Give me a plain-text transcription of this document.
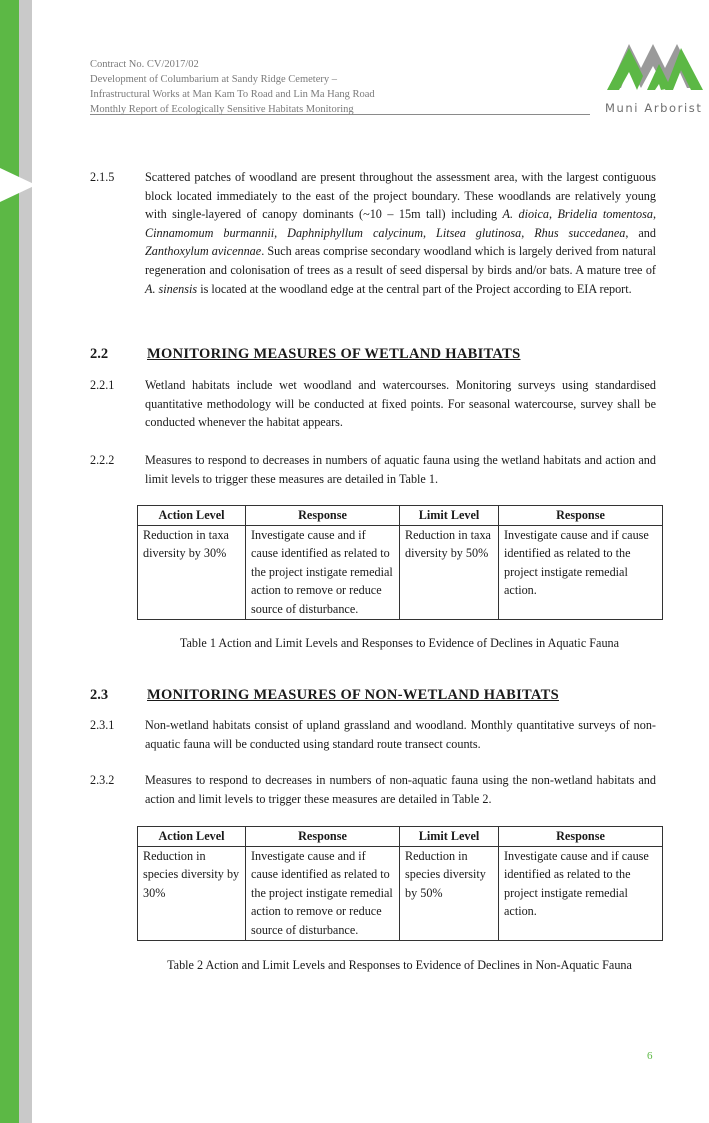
Contract No. CV/2017/02
Development of Columbarium at Sandy Ridge Cemetery –
Infrastructural Works at Man Kam To Road and Lin Ma Hang Road
Monthly Report of Ecologically Sensitive Habitats Monitoring	Muni Arborist
2.1.5	Scattered patches of woodland are present throughout the assessment area, with the largest contiguous block located immediately to the east of the project boundary. These woodlands are relatively young with single-layered of canopy dominants (~10 – 15m tall) including A. dioica, Bridelia tomentosa, Cinnamomum burmannii, Daphniphyllum calycinum, Litsea glutinosa, Rhus succedanea, and Zanthoxylum avicennae. Such areas comprise secondary woodland which is largely derived from natural regeneration and colonisation of trees as a result of seed dispersal by birds and/or bats. A mature tree of A. sinensis is located at the woodland edge at the central part of the Project according to EIA report.
2.2	MONITORING MEASURES OF WETLAND HABITATS
2.2.1	Wetland habitats include wet woodland and watercourses. Monitoring surveys using standardised quantitative methodology will be conducted at fixed points. For seasonal watercourse, survey shall be conducted whenever the habitat appears.
2.2.2	Measures to respond to decreases in numbers of aquatic fauna using the wetland habitats and action and limit levels to trigger these measures are detailed in Table 1.
Action Level	Response	Limit Level	Response
Reduction in taxa diversity by 30%	Investigate cause and if cause identified as related to the project instigate remedial action to remove or reduce source of disturbance.	Reduction in taxa diversity by 50%	Investigate cause and if cause identified as related to the project instigate remedial action.
Table 1 Action and Limit Levels and Responses to Evidence of Declines in Aquatic Fauna
2.3	MONITORING MEASURES OF NON-WETLAND HABITATS
2.3.1	Non-wetland habitats consist of upland grassland and woodland. Monthly quantitative surveys of non-aquatic fauna will be conducted using standard route transect counts.
2.3.2	Measures to respond to decreases in numbers of non-aquatic fauna using the non-wetland habitats and action and limit levels to trigger these measures are detailed in Table 2.
Action Level	Response	Limit Level	Response
Reduction in species diversity by 30%	Investigate cause and if cause identified as related to the project instigate remedial action to remove or reduce source of disturbance.	Reduction in species diversity by 50%	Investigate cause and if cause identified as related to the project instigate remedial action.
Table 2 Action and Limit Levels and Responses to Evidence of Declines in Non-Aquatic Fauna
6
